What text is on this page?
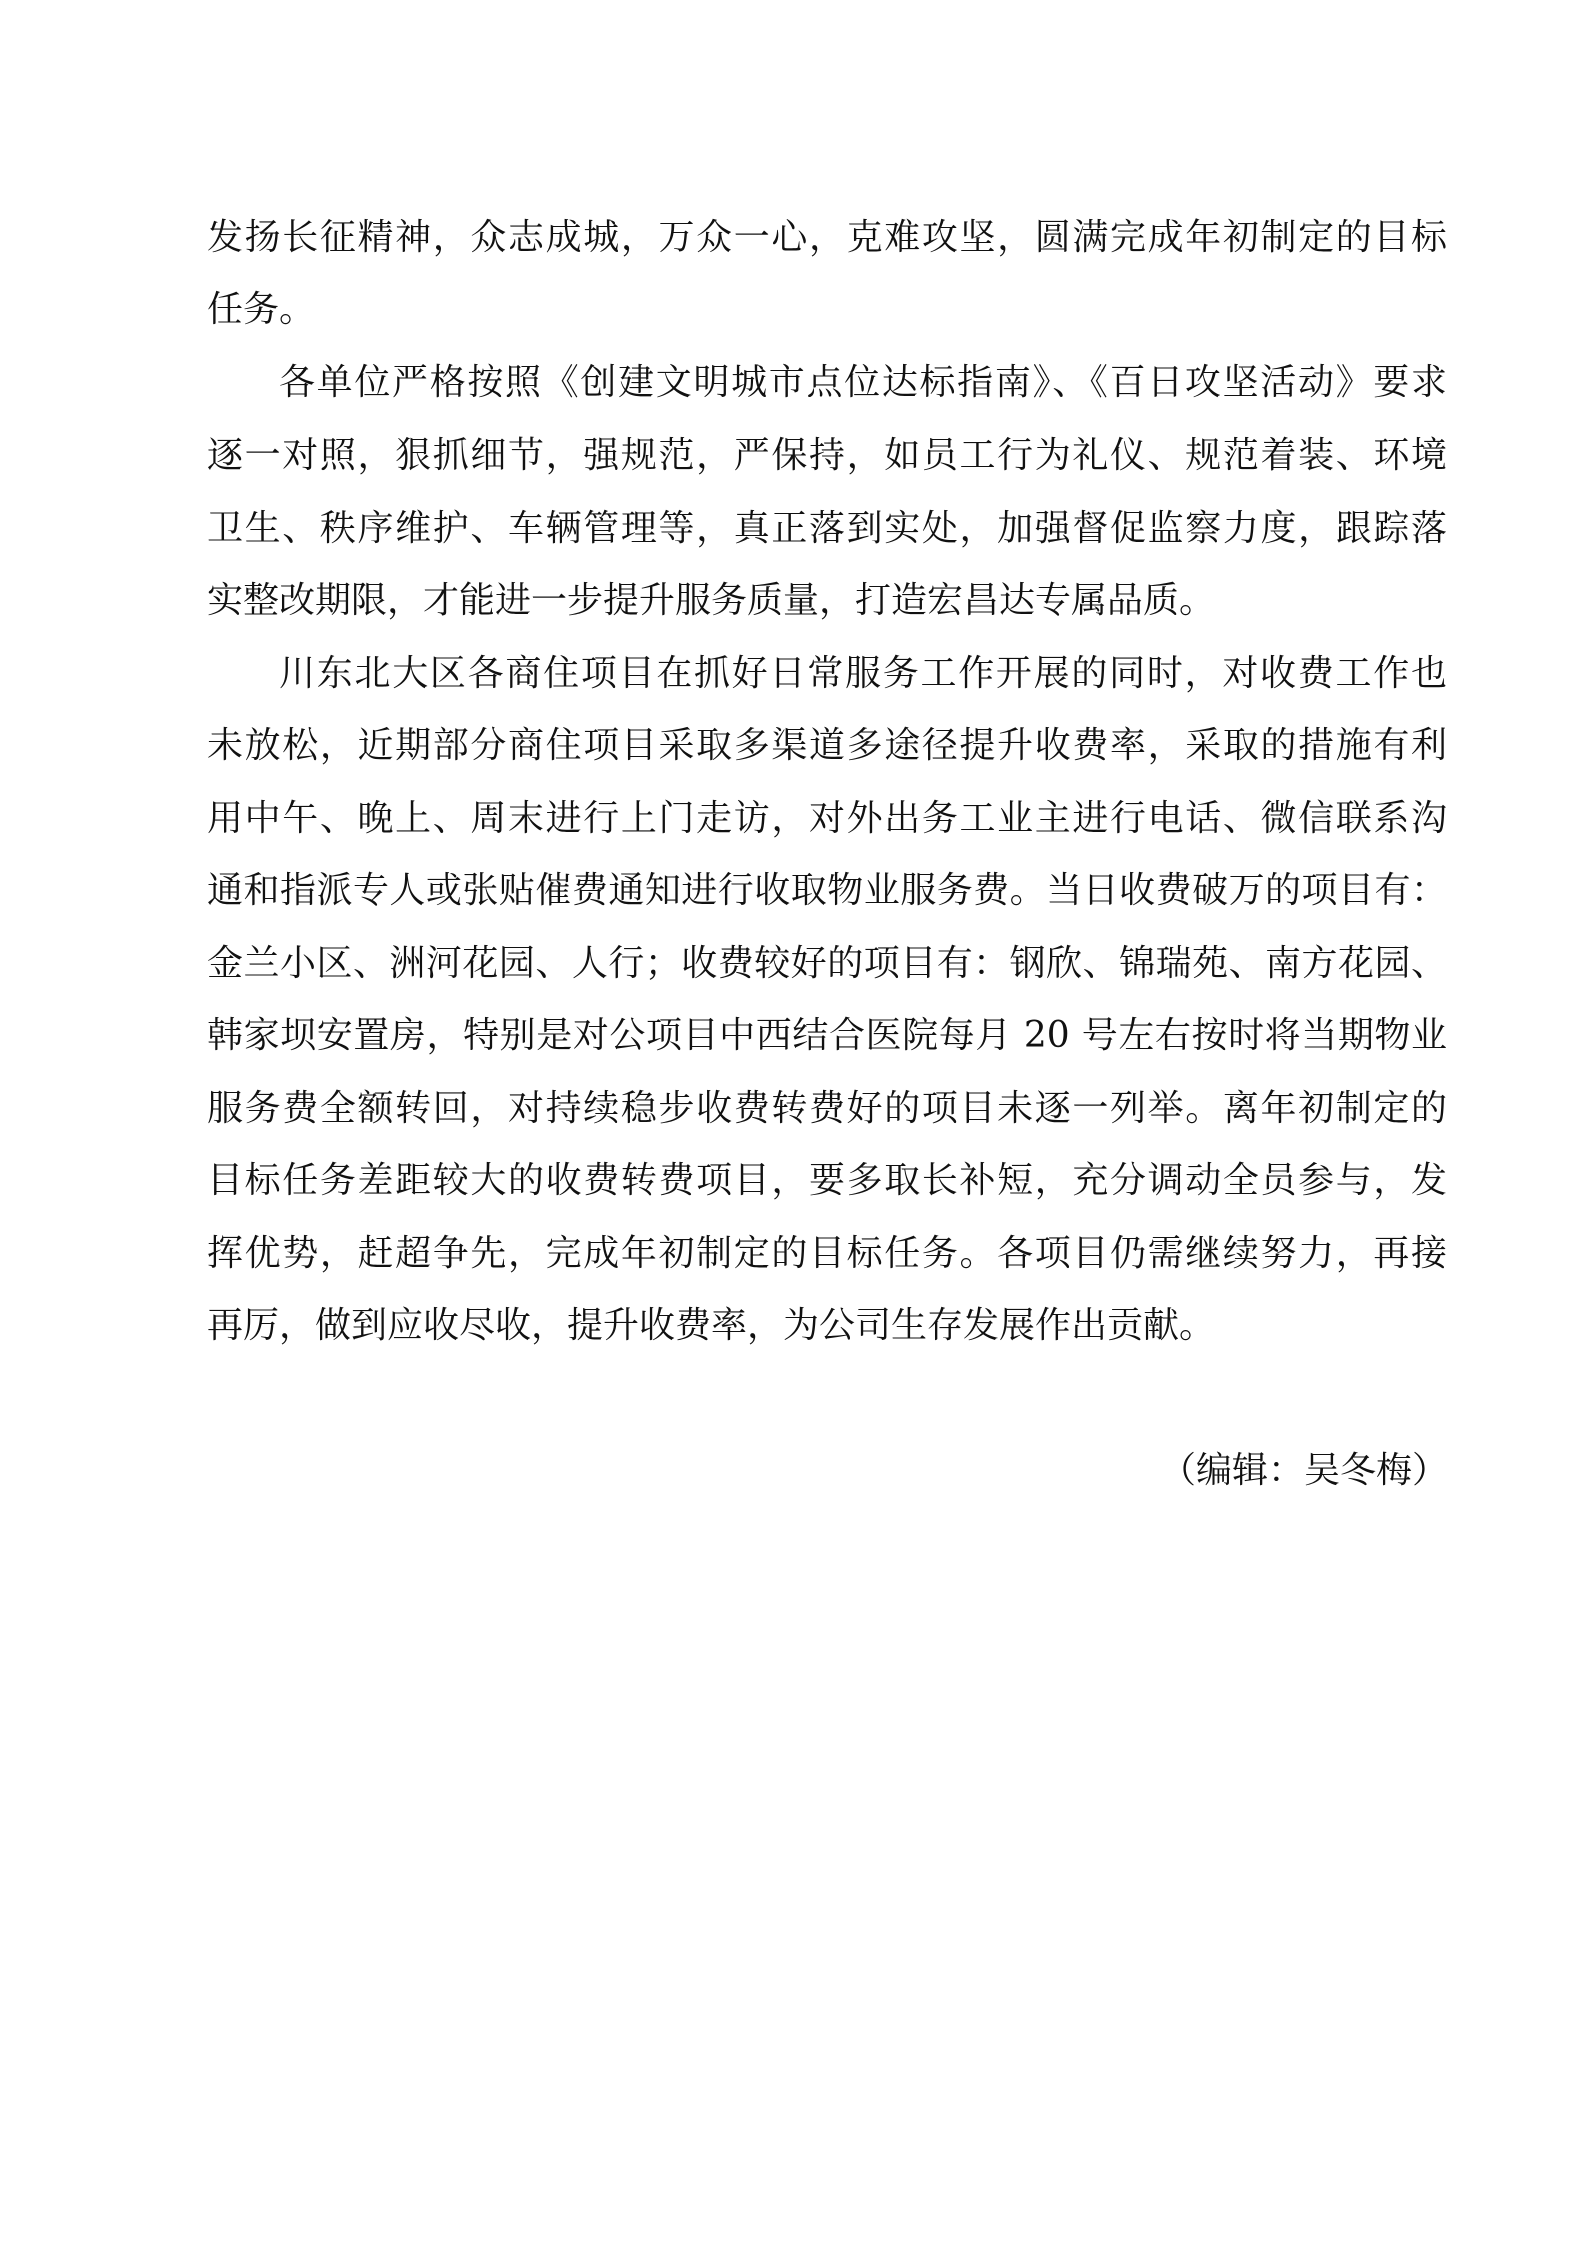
发扬长征精神，众志成城，万众一心，克难攻坚，圆满完成年初制定的目标

任务。

各单位严格按照《创建文明城市点位达标指南》、《百日攻坚活动》要求

逐一对照，狠抓细节，强规范，严保持，如员工行为礼仪、规范着装、环境

卫生、秩序维护、车辆管理等，真正落到实处，加强督促监察力度，跟踪落

实整改期限，才能进一步提升服务质量，打造宏昌达专属品质。

川东北大区各商住项目在抓好日常服务工作开展的同时，对收费工作也

未放松，近期部分商住项目采取多渠道多途径提升收费率，采取的措施有利

用中午、晚上、周末进行上门走访，对外出务工业主进行电话、微信联系沟

通和指派专人或张贴催费通知进行收取物业服务费。当日收费破万的项目有：

金兰小区、洲河花园、人行；收费较好的项目有：钢欣、锦瑞苑、南方花园、

韩家坝安置房，特别是对公项目中西结合医院每月 20 号左右按时将当期物业

服务费全额转回，对持续稳步收费转费好的项目未逐一列举。离年初制定的

目标任务差距较大的收费转费项目，要多取长补短，充分调动全员参与，发

挥优势，赶超争先，完成年初制定的目标任务。各项目仍需继续努力，再接

再厉，做到应收尽收，提升收费率，为公司生存发展作出贡献。

（编辑：吴冬梅）
